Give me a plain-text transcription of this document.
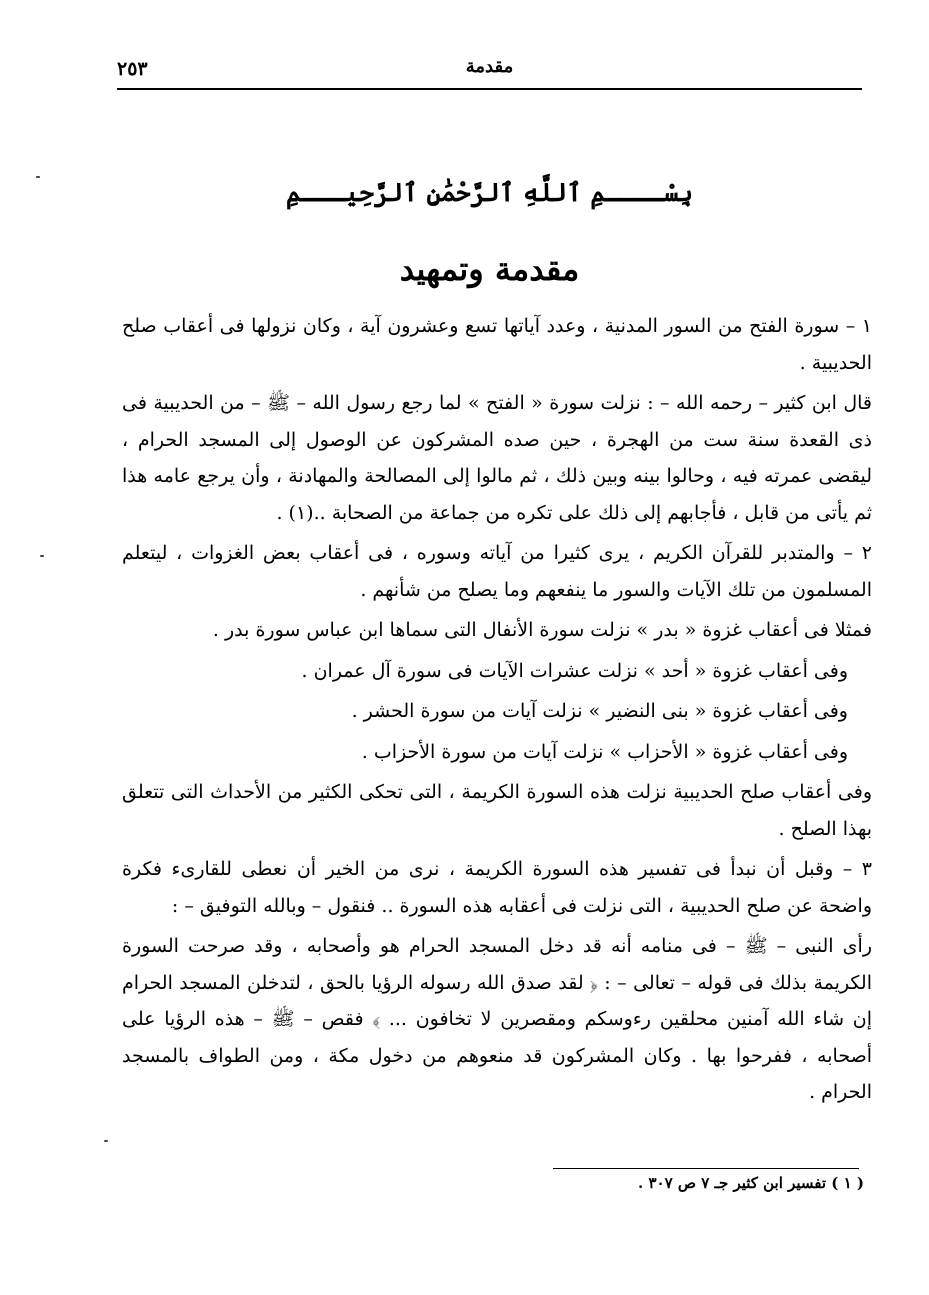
مقدمة
٢٥٣
بِسْــــمِ ٱللَّهِ ٱلرَّحْمَٰنِ ٱلرَّحِيـــمِ
مقدمة وتمهيد

١ – سورة الفتح من السور المدنية ، وعدد آياتها تسع وعشرون آية ، وكان نزولها فى أعقاب صلح الحديبية .

قال ابن كثير – رحمه الله – : نزلت سورة « الفتح » لما رجع رسول الله – ﷺ – من الحديبية فى ذى القعدة سنة ست من الهجرة ، حين صده المشركون عن الوصول إلى المسجد الحرام ، ليقضى عمرته فيه ، وحالوا بينه وبين ذلك ، ثم مالوا إلى المصالحة والمهادنة ، وأن يرجع عامه هذا ثم يأتى من قابل ، فأجابهم إلى ذلك على تكره من جماعة من الصحابة ..(١) .

٢ – والمتدبر للقرآن الكريم ، يرى كثيرا من آياته وسوره ، فى أعقاب بعض الغزوات ، ليتعلم المسلمون من تلك الآيات والسور ما ينفعهم وما يصلح من شأنهم .

فمثلا فى أعقاب غزوة « بدر » نزلت سورة الأنفال التى سماها ابن عباس سورة بدر .

وفى أعقاب غزوة « أحد » نزلت عشرات الآيات فى سورة آل عمران .

وفى أعقاب غزوة « بنى النضير » نزلت آيات من سورة الحشر .

وفى أعقاب غزوة « الأحزاب » نزلت آيات من سورة الأحزاب .

وفى أعقاب صلح الحديبية نزلت هذه السورة الكريمة ، التى تحكى الكثير من الأحداث التى تتعلق بهذا الصلح .

٣ – وقبل أن نبدأ فى تفسير هذه السورة الكريمة ، نرى من الخير أن نعطى للقارىء فكرة واضحة عن صلح الحديبية ، التى نزلت فى أعقابه هذه السورة .. فنقول – وبالله التوفيق – :

رأى النبى – ﷺ – فى منامه أنه قد دخل المسجد الحرام هو وأصحابه ، وقد صرحت السورة الكريمة بذلك فى قوله – تعالى – : ﴿ لقد صدق الله رسوله الرؤيا بالحق ، لتدخلن المسجد الحرام إن شاء الله آمنين محلقين رءوسكم ومقصرين لا تخافون ... ﴾ فقص – ﷺ – هذه الرؤيا على أصحابه ، ففرحوا بها . وكان المشركون قد منعوهم من دخول مكة ، ومن الطواف بالمسجد الحرام .

( ١ ) تفسير ابن كثير جـ ٧ ص ٣٠٧ .
